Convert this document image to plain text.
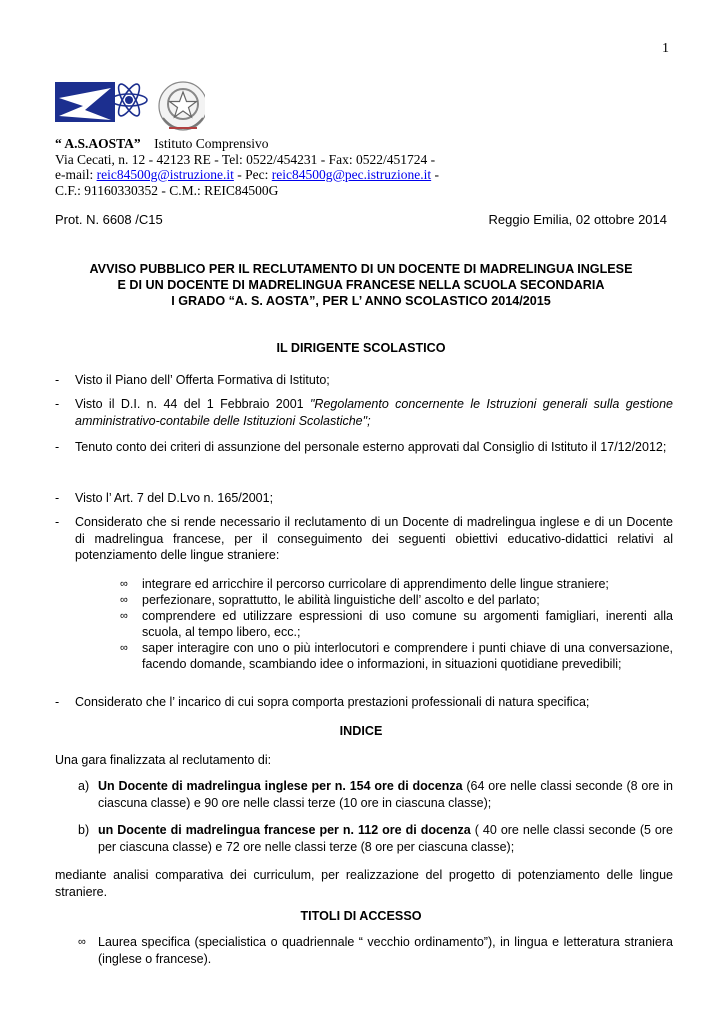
1
“ A.S.AOSTA” Istituto Comprensivo
Via Cecati, n. 12 - 42123 RE - Tel: 0522/454231 - Fax: 0522/451724 -
e-mail: reic84500g@istruzione.it - Pec: reic84500g@pec.istruzione.it -
C.F.: 91160330352 - C.M.: REIC84500G
Prot. N. 6608 /C15	Reggio Emilia, 02 ottobre 2014
AVVISO PUBBLICO PER IL RECLUTAMENTO DI UN DOCENTE DI MADRELINGUA INGLESE
E DI UN DOCENTE DI MADRELINGUA FRANCESE NELLA SCUOLA SECONDARIA
I GRADO “A. S. AOSTA”, PER L’ ANNO SCOLASTICO 2014/2015
IL DIRIGENTE SCOLASTICO
- Visto il Piano dell’ Offerta Formativa di Istituto;
- Visto il D.I. n. 44 del 1 Febbraio 2001 "Regolamento concernente le Istruzioni generali sulla gestione amministrativo-contabile delle Istituzioni Scolastiche";
- Tenuto conto dei criteri di assunzione del personale esterno approvati dal Consiglio di Istituto il 17/12/2012;
- Visto l’ Art. 7 del D.Lvo n. 165/2001;
- Considerato che si rende necessario il reclutamento di un Docente di madrelingua inglese e di un Docente di madrelingua francese, per il conseguimento dei seguenti obiettivi educativo-didattici relativi al potenziamento delle lingue straniere:
∞ integrare ed arricchire il percorso curricolare di apprendimento delle lingue straniere;
∞ perfezionare, soprattutto, le abilità linguistiche dell’ ascolto e del parlato;
∞ comprendere ed utilizzare espressioni di uso comune su argomenti famigliari, inerenti alla scuola, al tempo libero, ecc.;
∞ saper interagire con uno o più interlocutori e comprendere i punti chiave di una conversazione, facendo domande, scambiando idee o informazioni, in situazioni quotidiane prevedibili;
- Considerato che l’ incarico di cui sopra comporta prestazioni professionali di natura specifica;
INDICE
Una gara finalizzata al reclutamento di:
a) Un Docente di madrelingua inglese per n. 154 ore di docenza (64 ore nelle classi seconde (8 ore in ciascuna classe) e 90 ore nelle classi terze (10 ore in ciascuna classe);
b) un Docente di madrelingua francese per n. 112 ore di docenza ( 40 ore nelle classi seconde (5 ore per ciascuna classe) e 72 ore nelle classi terze (8 ore per ciascuna classe);
mediante analisi comparativa dei curriculum, per realizzazione del progetto di potenziamento delle lingue straniere.
TITOLI DI ACCESSO
∞ Laurea specifica (specialistica o quadriennale “ vecchio ordinamento”), in lingua e letteratura straniera (inglese o francese).
